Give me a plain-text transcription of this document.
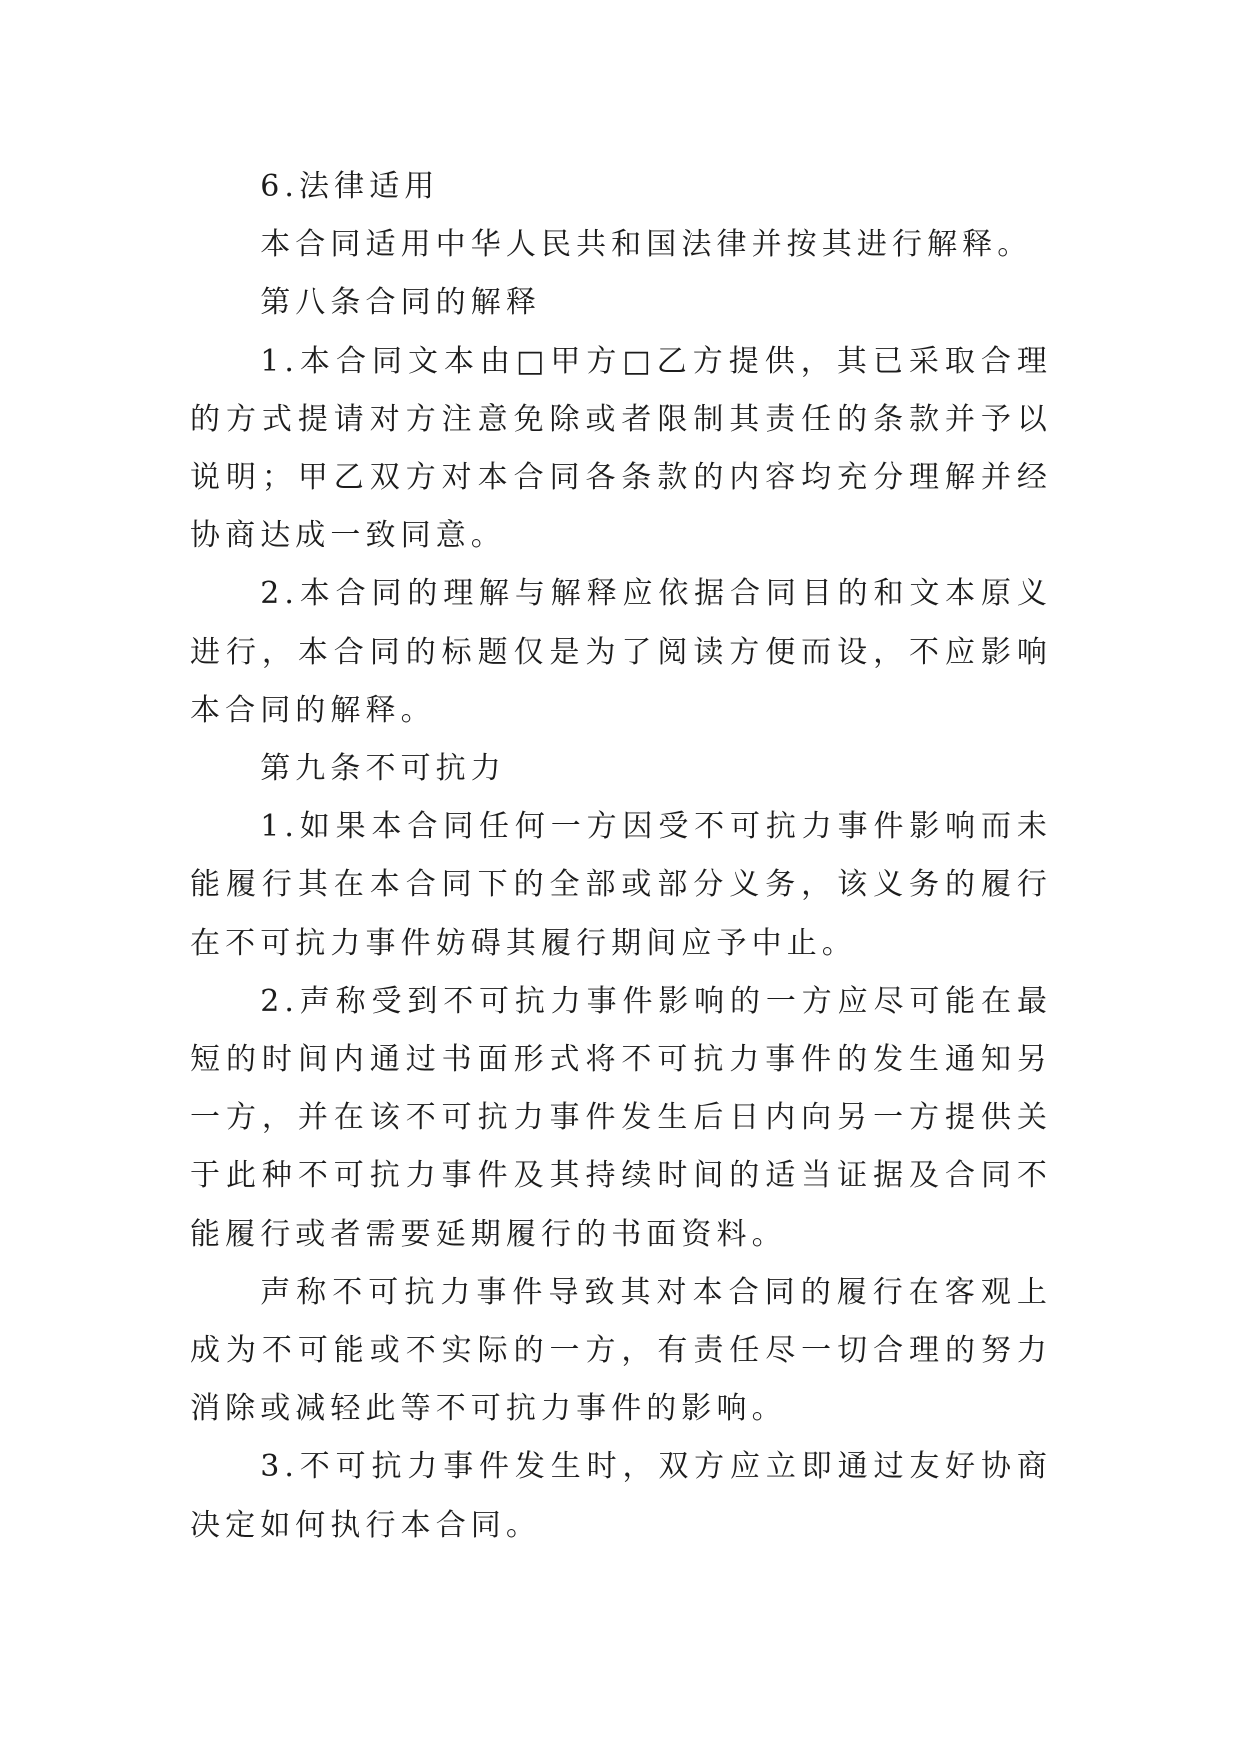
6.法律适用

本合同适用中华人民共和国法律并按其进行解释。

第八条合同的解释

1.本合同文本由□甲方□乙方提供，其已采取合理的方式提请对方注意免除或者限制其责任的条款并予以说明；甲乙双方对本合同各条款的内容均充分理解并经协商达成一致同意。

2.本合同的理解与解释应依据合同目的和文本原义进行，本合同的标题仅是为了阅读方便而设，不应影响本合同的解释。

第九条不可抗力

1.如果本合同任何一方因受不可抗力事件影响而未能履行其在本合同下的全部或部分义务，该义务的履行在不可抗力事件妨碍其履行期间应予中止。

2.声称受到不可抗力事件影响的一方应尽可能在最短的时间内通过书面形式将不可抗力事件的发生通知另一方，并在该不可抗力事件发生后日内向另一方提供关于此种不可抗力事件及其持续时间的适当证据及合同不能履行或者需要延期履行的书面资料。

声称不可抗力事件导致其对本合同的履行在客观上成为不可能或不实际的一方，有责任尽一切合理的努力消除或减轻此等不可抗力事件的影响。

3.不可抗力事件发生时，双方应立即通过友好协商决定如何执行本合同。
